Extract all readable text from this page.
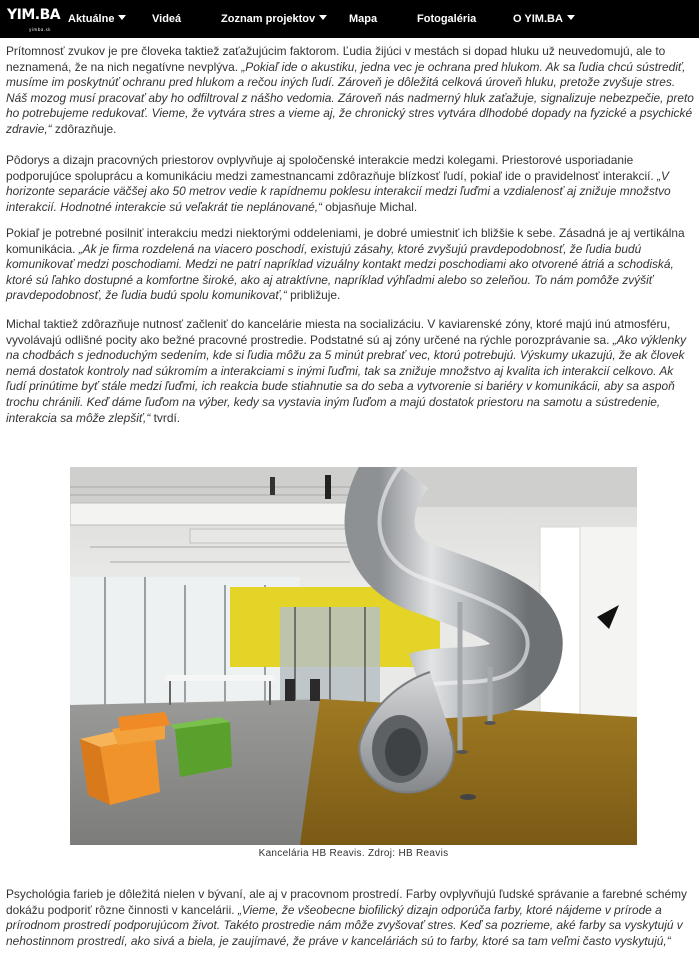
YIM.BA
yimba.sk
Aktuálne	Videá	Zoznam projektov	Mapa	Fotogaléria	O YIM.BA

Prítomnosť zvukov je pre človeka taktiež zaťažujúcim faktorom. Ľudia žijúci v mestách si dopad hluku už neuvedomujú, ale to neznamená, že na nich negatívne nevplýva. „Pokiaľ ide o akustiku, jedna vec je ochrana pred hlukom. Ak sa ľudia chcú sústrediť, musíme im poskytnúť ochranu pred hlukom a rečou iných ľudí. Zároveň je dôležitá celková úroveň hluku, pretože zvyšuje stres. Náš mozog musí pracovať aby ho odfiltroval z nášho vedomia. Zároveň nás nadmerný hluk zaťažuje, signalizuje nebezpečie, preto ho potrebujeme redukovať. Vieme, že vytvára stres a vieme aj, že chronický stres vytvára dlhodobé dopady na fyzické a psychické zdravie,“ zdôrazňuje.

Pôdorys a dizajn pracovných priestorov ovplyvňuje aj spoločenské interakcie medzi kolegami. Priestorové usporiadanie podporujúce spoluprácu a komunikáciu medzi zamestnancami zdôrazňuje blízkosť ľudí, pokiaľ ide o pravidelnosť interakcií. „V horizonte separácie väčšej ako 50 metrov vedie k rapídnemu poklesu interakcií medzi ľuďmi a vzdialenosť aj znižuje množstvo interakcií. Hodnotné interakcie sú veľakrát tie neplánované,“ objasňuje Michal.

Pokiaľ je potrebné posilniť interakciu medzi niektorými oddeleniami, je dobré umiestniť ich bližšie k sebe. Zásadná je aj vertikálna komunikácia. „Ak je firma rozdelená na viacero poschodí, existujú zásahy, ktoré zvyšujú pravdepodobnosť, že ľudia budú komunikovať medzi poschodiami. Medzi ne patrí napríklad vizuálny kontakt medzi poschodiami ako otvorené átriá a schodiská, ktoré sú ľahko dostupné a komfortne široké, ako aj atraktívne, napríklad výhľadmi alebo so zeleňou. To nám pomôže zvýšiť pravdepodobnosť, že ľudia budú spolu komunikovať,“ približuje.

Michal taktiež zdôrazňuje nutnosť začleniť do kancelárie miesta na socializáciu. V kaviarenské zóny, ktoré majú inú atmosféru, vyvolávajú odlišné pocity ako bežné pracovné prostredie. Podstatné sú aj zóny určené na rýchle porozprávanie sa. „Ako výklenky na chodbách s jednoduchým sedením, kde si ľudia môžu za 5 minút prebrať vec, ktorú potrebujú. Výskumy ukazujú, že ak človek nemá dostatok kontroly nad súkromím a interakciami s inými ľuďmi, tak sa znižuje množstvo aj kvalita ich interakcií celkovo. Ak ľudí prinútime byť stále medzi ľuďmi, ich reakcia bude stiahnutie sa do seba a vytvorenie si bariéry v komunikácii, aby sa aspoň trochu chránili. Keď dáme ľuďom na výber, kedy sa vystavia iným ľuďom a majú dostatok priestoru na samotu a sústredenie, interakcia sa môže zlepšiť,“ tvrdí.

Psychológia farieb je dôležitá nielen v bývaní, ale aj v pracovnom prostredí. Farby ovplyvňujú ľudské správanie a farebné schémy dokážu podporiť rôzne činnosti v kancelárii. „Vieme, že všeobecne biofilický dizajn odporúča farby, ktoré nájdeme v prírode a prírodnom prostredí podporujúcom život. Takéto prostredie nám môže zvyšovať stres. Keď sa pozrieme, aké farby sa vyskytujú v nehostinnom prostredí, ako sivá a biela, je zaujímavé, že práve v kanceláriách sú to farby, ktoré sa tam veľmi často vyskytujú,“

Kancelária HB Reavis. Zdroj: HB Reavis
